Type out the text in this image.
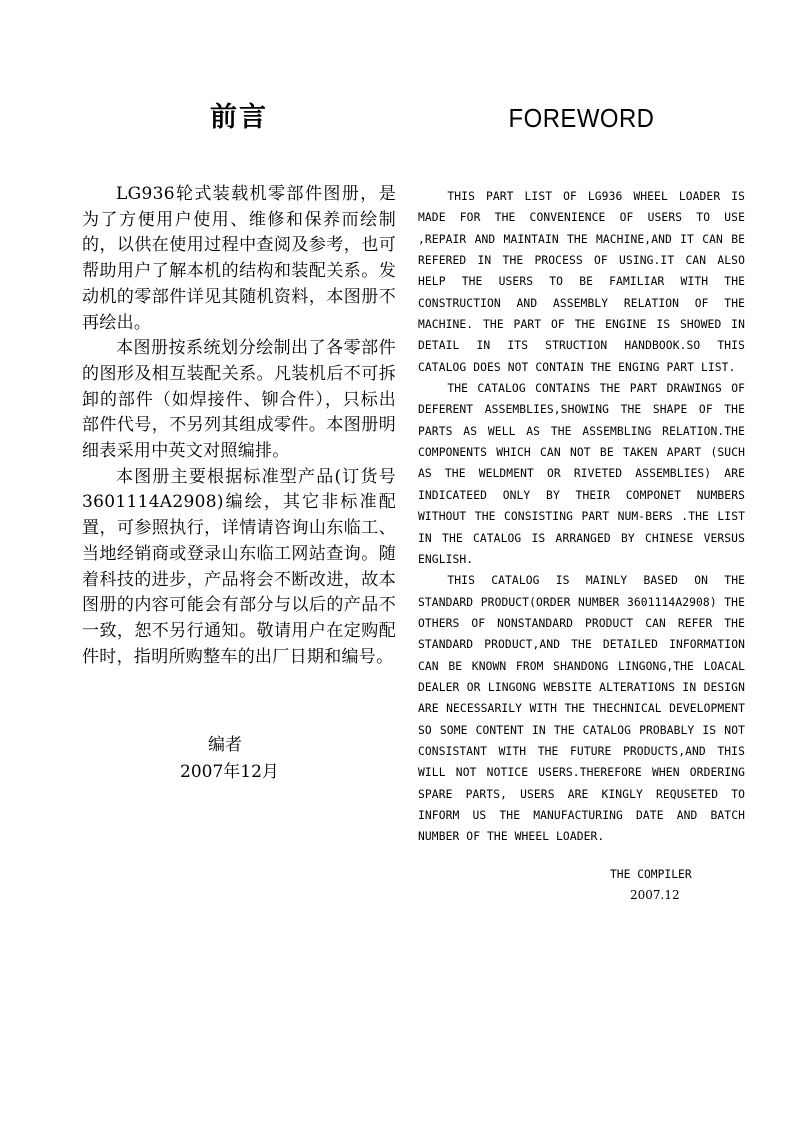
前言

LG936轮式装载机零部件图册，是为了方便用户使用、维修和保养而绘制的，以供在使用过程中查阅及参考，也可帮助用户了解本机的结构和装配关系。发动机的零部件详见其随机资料，本图册不再绘出。

本图册按系统划分绘制出了各零部件的图形及相互装配关系。凡装机后不可拆卸的部件（如焊接件、铆合件），只标出部件代号，不另列其组成零件。本图册明细表采用中英文对照编排。

本图册主要根据标准型产品(订货号3601114A2908)编绘，其它非标准配置，可参照执行，详情请咨询山东临工、当地经销商或登录山东临工网站查询。随着科技的进步，产品将会不断改进，故本图册的内容可能会有部分与以后的产品不一致，恕不另行通知。敬请用户在定购配件时，指明所购整车的出厂日期和编号。

编者
2007年12月
FOREWORD

THIS PART LIST OF LG936 WHEEL LOADER IS MADE FOR THE CONVENIENCE OF USERS TO USE ,REPAIR AND MAINTAIN THE MACHINE,AND IT CAN BE REFERED IN THE PROCESS OF USING.IT CAN ALSO HELP THE USERS TO BE FAMILIAR WITH THE CONSTRUCTION AND ASSEMBLY RELATION OF THE MACHINE. THE PART OF THE ENGINE IS SHOWED IN DETAIL IN ITS STRUCTION HANDBOOK.SO THIS CATALOG DOES NOT CONTAIN THE ENGING PART LIST.

THE CATALOG CONTAINS THE PART DRAWINGS OF DEFERENT ASSEMBLIES,SHOWING THE SHAPE OF THE PARTS AS WELL AS THE ASSEMBLING RELATION.THE COMPONENTS WHICH CAN NOT BE TAKEN APART (SUCH AS THE WELDMENT OR RIVETED ASSEMBLIES) ARE INDICATEED ONLY BY THEIR COMPONET NUMBERS WITHOUT THE CONSISTING PART NUM-BERS .THE LIST IN THE CATALOG IS ARRANGED BY CHINESE VERSUS ENGLISH.

THIS CATALOG IS MAINLY BASED ON THE STANDARD PRODUCT(ORDER NUMBER 3601114A2908) THE OTHERS OF NONSTANDARD PRODUCT CAN REFER THE STANDARD PRODUCT,AND THE DETAILED INFORMATION CAN BE KNOWN FROM SHANDONG LINGONG,THE LOACAL DEALER OR LINGONG WEBSITE ALTERATIONS IN DESIGN ARE NECESSARILY WITH THE THECHNICAL DEVELOPMENT SO SOME CONTENT IN THE CATALOG PROBABLY IS NOT CONSISTANT WITH THE FUTURE PRODUCTS,AND THIS WILL NOT NOTICE USERS.THEREFORE WHEN ORDERING SPARE PARTS, USERS ARE KINGLY REQUSETED TO INFORM US THE MANUFACTURING DATE AND BATCH NUMBER OF THE WHEEL LOADER.

THE COMPILER
2007.12
